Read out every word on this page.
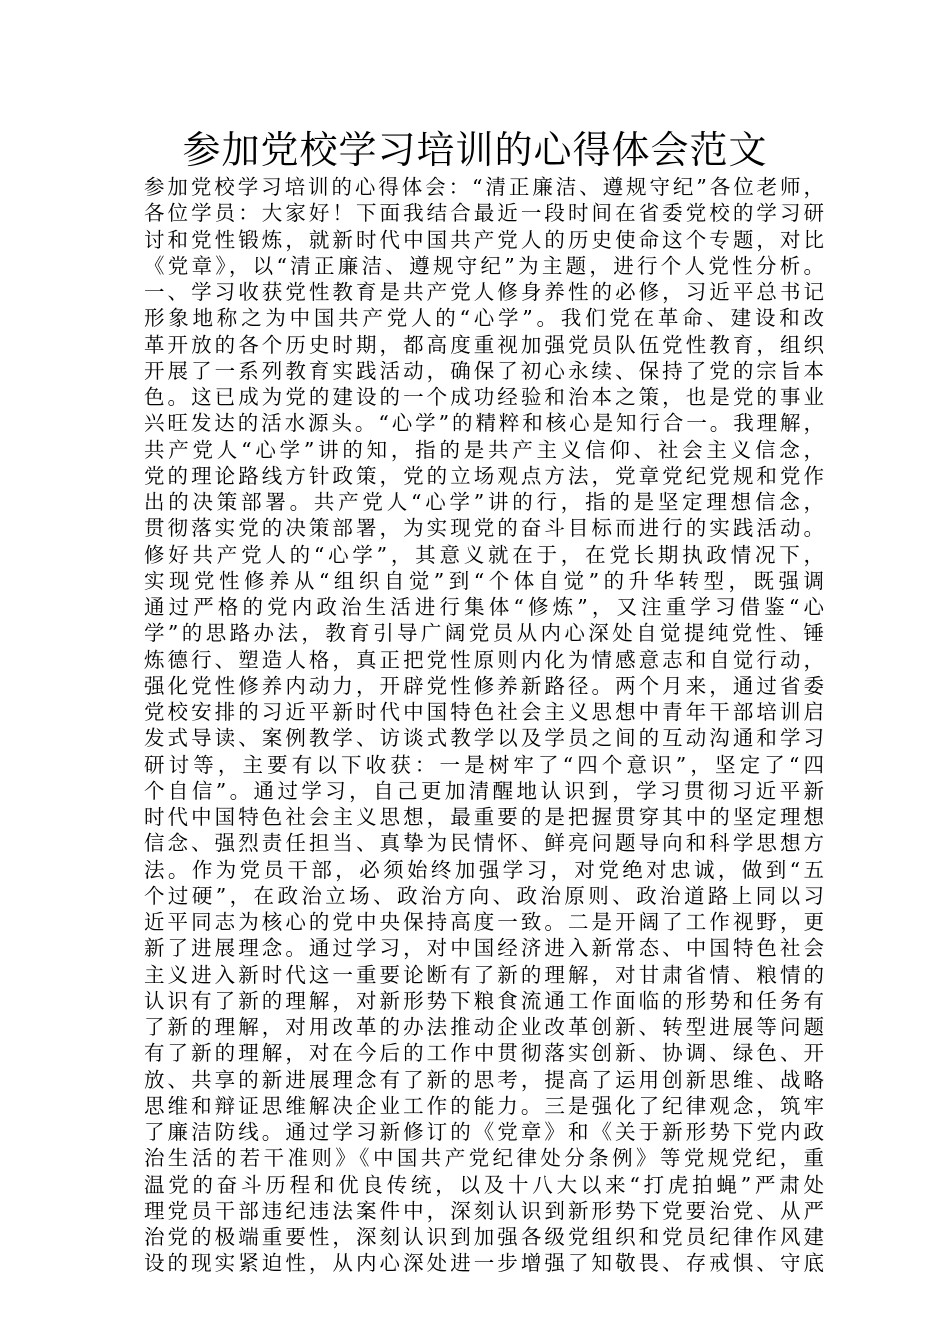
参加党校学习培训的心得体会范文
参加党校学习培训的心得体会：“清正廉洁、遵规守纪”各位老师，
各位学员：大家好！下面我结合最近一段时间在省委党校的学习研
讨和党性锻炼，就新时代中国共产党人的历史使命这个专题，对比
《党章》，以“清正廉洁、遵规守纪”为主题，进行个人党性分析。
一、学习收获党性教育是共产党人修身养性的必修，习近平总书记
形象地称之为中国共产党人的“心学”。我们党在革命、建设和改
革开放的各个历史时期，都高度重视加强党员队伍党性教育，组织
开展了一系列教育实践活动，确保了初心永续、保持了党的宗旨本
色。这已成为党的建设的一个成功经验和治本之策，也是党的事业
兴旺发达的活水源头。“心学”的精粹和核心是知行合一。我理解，
共产党人“心学”讲的知，指的是共产主义信仰、社会主义信念，
党的理论路线方针政策，党的立场观点方法，党章党纪党规和党作
出的决策部署。共产党人“心学”讲的行，指的是坚定理想信念，
贯彻落实党的决策部署，为实现党的奋斗目标而进行的实践活动。
修好共产党人的“心学”，其意义就在于，在党长期执政情况下，
实现党性修养从“组织自觉”到“个体自觉”的升华转型，既强调
通过严格的党内政治生活进行集体“修炼”，又注重学习借鉴“心
学”的思路办法，教育引导广阔党员从内心深处自觉提纯党性、锤
炼德行、塑造人格，真正把党性原则内化为情感意志和自觉行动，
强化党性修养内动力，开辟党性修养新路径。两个月来，通过省委
党校安排的习近平新时代中国特色社会主义思想中青年干部培训启
发式导读、案例教学、访谈式教学以及学员之间的互动沟通和学习
研讨等，主要有以下收获：一是树牢了“四个意识”，坚定了“四
个自信”。通过学习，自己更加清醒地认识到，学习贯彻习近平新
时代中国特色社会主义思想，最重要的是把握贯穿其中的坚定理想
信念、强烈责任担当、真挚为民情怀、鲜亮问题导向和科学思想方
法。作为党员干部，必须始终加强学习，对党绝对忠诚，做到“五
个过硬”，在政治立场、政治方向、政治原则、政治道路上同以习
近平同志为核心的党中央保持高度一致。二是开阔了工作视野，更
新了进展理念。通过学习，对中国经济进入新常态、中国特色社会
主义进入新时代这一重要论断有了新的理解，对甘肃省情、粮情的
认识有了新的理解，对新形势下粮食流通工作面临的形势和任务有
了新的理解，对用改革的办法推动企业改革创新、转型进展等问题
有了新的理解，对在今后的工作中贯彻落实创新、协调、绿色、开
放、共享的新进展理念有了新的思考，提高了运用创新思维、战略
思维和辩证思维解决企业工作的能力。三是强化了纪律观念，筑牢
了廉洁防线。通过学习新修订的《党章》和《关于新形势下党内政
治生活的若干准则》《中国共产党纪律处分条例》等党规党纪，重
温党的奋斗历程和优良传统，以及十八大以来“打虎拍蝇”严肃处
理党员干部违纪违法案件中，深刻认识到新形势下党要治党、从严
治党的极端重要性，深刻认识到加强各级党组织和党员纪律作风建
设的现实紧迫性，从内心深处进一步增强了知敬畏、存戒惧、守底
